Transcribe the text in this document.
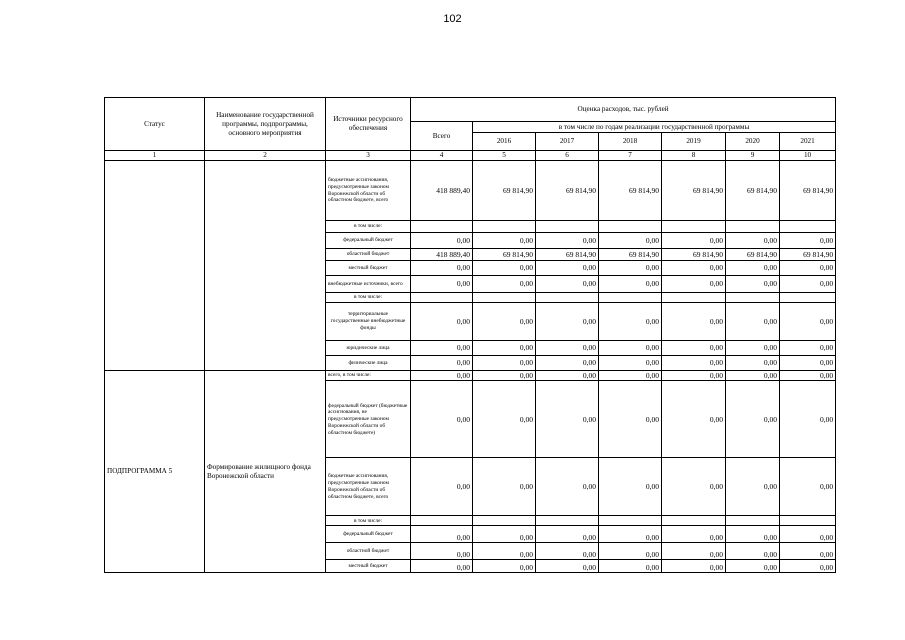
102
Статус	Наименование государственной программы, подпрограммы, основного мероприятия	Источники ресурсного обеспечения	Оценка расходов, тыс. рублей						
			Всего	в том числе по годам реализации государственной программы					
				2016	2017	2018	2019	2020	2021
1	2	3	4	5	6	7	8	9	10
		бюджетные ассигнования, предусмотренные законом Воронежской области об областном бюджете, всего	418 889,40	69 814,90	69 814,90	69 814,90	69 814,90	69 814,90	69 814,90
		в том числе:							
		федеральный бюджет	0,00	0,00	0,00	0,00	0,00	0,00	0,00
		областной бюджет	418 889,40	69 814,90	69 814,90	69 814,90	69 814,90	69 814,90	69 814,90
		местный бюджет	0,00	0,00	0,00	0,00	0,00	0,00	0,00
		внебюджетные источники, всего	0,00	0,00	0,00	0,00	0,00	0,00	0,00
		в том числе:							
		территориальные государственные внебюджетные фонды	0,00	0,00	0,00	0,00	0,00	0,00	0,00
		юридические лица	0,00	0,00	0,00	0,00	0,00	0,00	0,00
		физические лица	0,00	0,00	0,00	0,00	0,00	0,00	0,00
ПОДПРОГРАММА 5	Формирование жилищного фонда Воронежской области	всего, в том числе:	0,00	0,00	0,00	0,00	0,00	0,00	0,00
		федеральный бюджет (бюджетные ассигнования, не предусмотренные законом Воронежской области об областном бюджете)	0,00	0,00	0,00	0,00	0,00	0,00	0,00
		бюджетные ассигнования, предусмотренные законом Воронежской области об областном бюджете, всего	0,00	0,00	0,00	0,00	0,00	0,00	0,00
		в том числе:							
		федеральный бюджет	0,00	0,00	0,00	0,00	0,00	0,00	0,00
		областной бюджет	0,00	0,00	0,00	0,00	0,00	0,00	0,00
		местный бюджет	0,00	0,00	0,00	0,00	0,00	0,00	0,00
